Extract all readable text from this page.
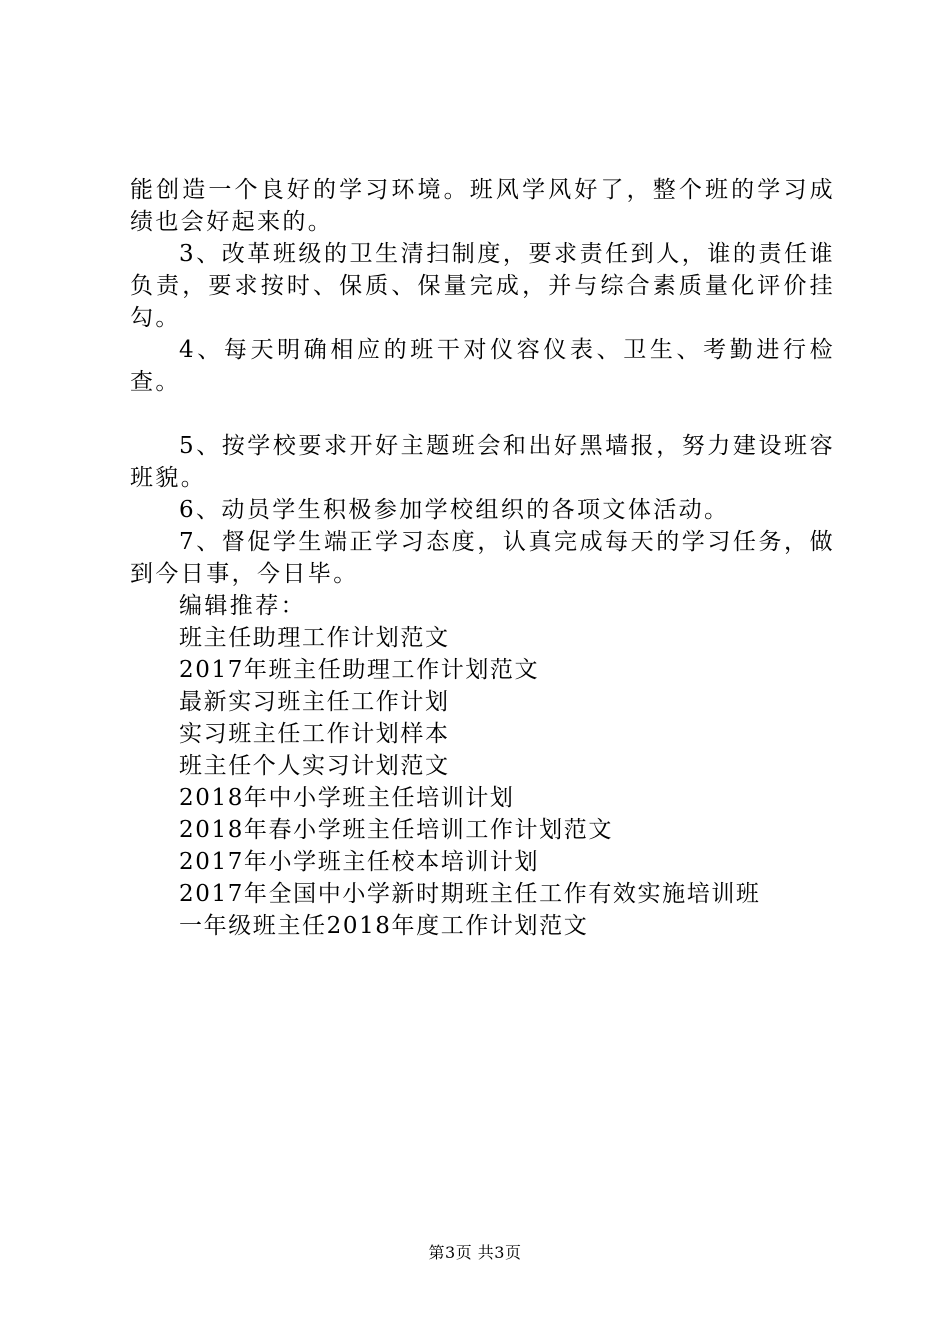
能创造一个良好的学习环境。班风学风好了，整个班的学习成绩也会好起来的。

3、改革班级的卫生清扫制度，要求责任到人，谁的责任谁负责，要求按时、保质、保量完成，并与综合素质量化评价挂勾。

4、每天明确相应的班干对仪容仪表、卫生、考勤进行检查。

5、按学校要求开好主题班会和出好黑墙报，努力建设班容班貌。

6、动员学生积极参加学校组织的各项文体活动。

7、督促学生端正学习态度，认真完成每天的学习任务，做到今日事，今日毕。

编辑推荐：

班主任助理工作计划范文
2017年班主任助理工作计划范文
最新实习班主任工作计划
实习班主任工作计划样本
班主任个人实习计划范文
2018年中小学班主任培训计划
2018年春小学班主任培训工作计划范文
2017年小学班主任校本培训计划
2017年全国中小学新时期班主任工作有效实施培训班
一年级班主任2018年度工作计划范文
第3页 共3页
